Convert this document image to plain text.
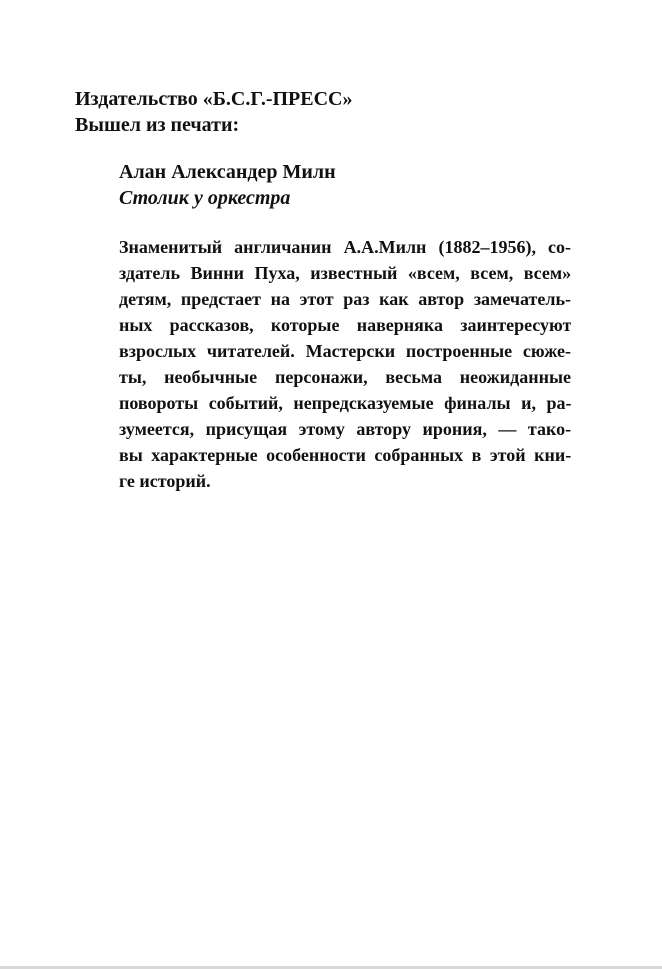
Издательство «Б.С.Г.-ПРЕСС»
Вышел из печати:
Алан Александер Милн
Столик у оркестра
Знаменитый англичанин А.А.Милн (1882–1956), со-
здатель Винни Пуха, известный «всем, всем, всем»
детям, предстает на этот раз как автор замечатель-
ных рассказов, которые наверняка заинтересуют
взрослых читателей. Мастерски построенные сюже-
ты, необычные персонажи, весьма неожиданные
повороты событий, непредсказуемые финалы и, ра-
зумеется, присущая этому автору ирония, — тако-
вы характерные особенности собранных в этой кни-
ге историй.
